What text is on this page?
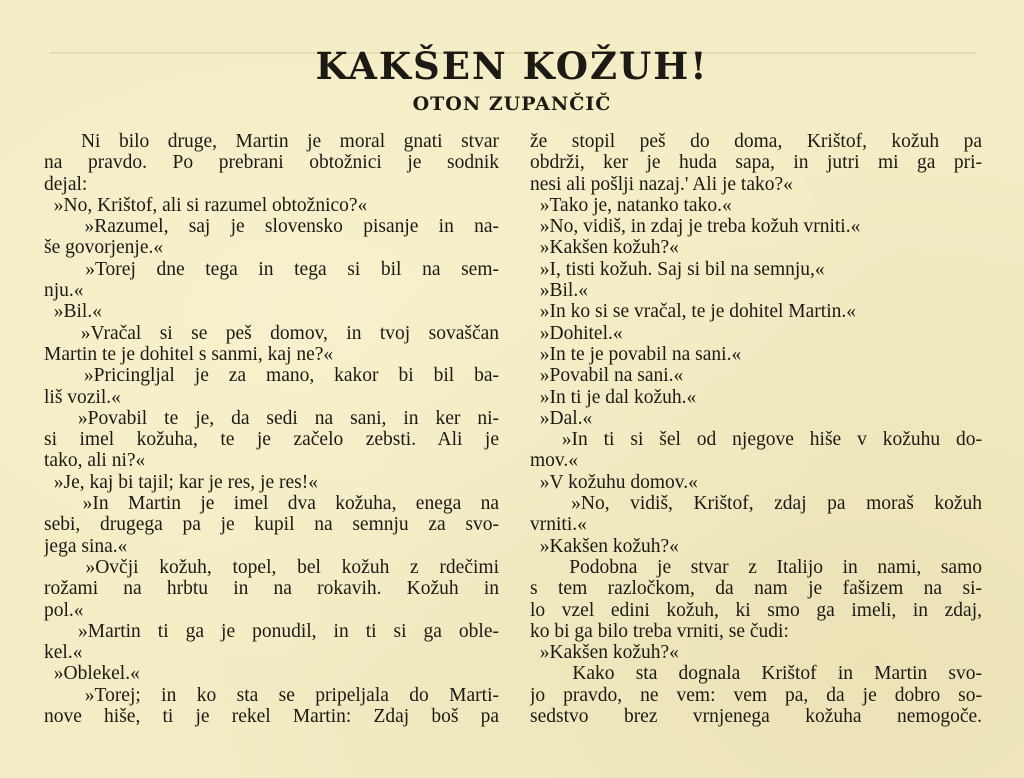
KAKŠEN KOŽUH!
OTON ZUPANČIČ
Ni bilo druge, Martin je moral gnati stvar
na pravdo. Po prebrani obtožnici je sodnik
dejal:
»No, Krištof, ali si razumel obtožnico?«
»Razumel, saj je slovensko pisanje in na-
še govorjenje.«
»Torej dne tega in tega si bil na sem-
nju.«
»Bil.«
»Vračal si se peš domov, in tvoj sovaščan
Martin te je dohitel s sanmi, kaj ne?«
»Pricingljal je za mano, kakor bi bil ba-
liš vozil.«
»Povabil te je, da sedi na sani, in ker ni-
si imel kožuha, te je začelo zebsti. Ali je
tako, ali ni?«
»Je, kaj bi tajil; kar je res, je res!«
»In Martin je imel dva kožuha, enega na
sebi, drugega pa je kupil na semnju za svo-
jega sina.«
»Ovčji kožuh, topel, bel kožuh z rdečimi
rožami na hrbtu in na rokavih. Kožuh in
pol.«
»Martin ti ga je ponudil, in ti si ga oble-
kel.«
»Oblekel.«
»Torej; in ko sta se pripeljala do Marti-
nove hiše, ti je rekel Martin: Zdaj boš pa
že stopil peš do doma, Krištof, kožuh pa
obdrži, ker je huda sapa, in jutri mi ga pri-
nesi ali pošlji nazaj.' Ali je tako?«
»Tako je, natanko tako.«
»No, vidiš, in zdaj je treba kožuh vrniti.«
»Kakšen kožuh?«
»I, tisti kožuh. Saj si bil na semnju,«
»Bil.«
»In ko si se vračal, te je dohitel Martin.«
»Dohitel.«
»In te je povabil na sani.«
»Povabil na sani.«
»In ti je dal kožuh.«
»Dal.«
»In ti si šel od njegove hiše v kožuhu do-
mov.«
»V kožuhu domov.«
»No, vidiš, Krištof, zdaj pa moraš kožuh
vrniti.«
»Kakšen kožuh?«
Podobna je stvar z Italijo in nami, samo
s tem razločkom, da nam je fašizem na si-
lo vzel edini kožuh, ki smo ga imeli, in zdaj,
ko bi ga bilo treba vrniti, se čudi:
»Kakšen kožuh?«
Kako sta dognala Krištof in Martin svo-
jo pravdo, ne vem: vem pa, da je dobro so-
sedstvo brez vrnjenega kožuha nemogoče.
